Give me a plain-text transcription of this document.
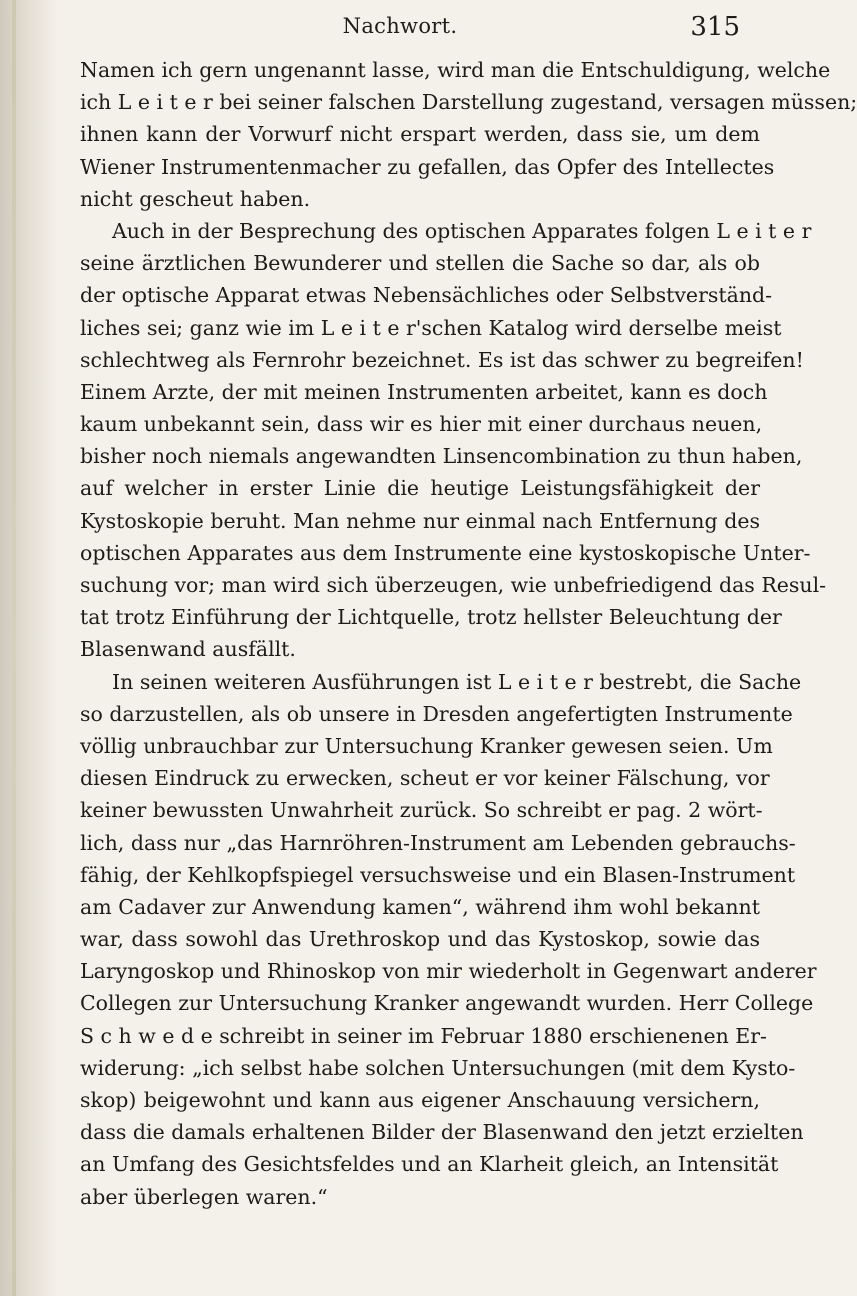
Nachwort.	315
Namen ich gern ungenannt lasse, wird man die Entschuldigung, welche
ich L e i t e r bei seiner falschen Darstellung zugestand, versagen müssen;
ihnen kann der Vorwurf nicht erspart werden, dass sie, um dem
Wiener Instrumentenmacher zu gefallen, das Opfer des Intellectes
nicht gescheut haben.
Auch in der Besprechung des optischen Apparates folgen L e i t e r
seine ärztlichen Bewunderer und stellen die Sache so dar, als ob
der optische Apparat etwas Nebensächliches oder Selbstverständ-
liches sei; ganz wie im L e i t e r'schen Katalog wird derselbe meist
schlechtweg als Fernrohr bezeichnet. Es ist das schwer zu begreifen!
Einem Arzte, der mit meinen Instrumenten arbeitet, kann es doch
kaum unbekannt sein, dass wir es hier mit einer durchaus neuen,
bisher noch niemals angewandten Linsencombination zu thun haben,
auf welcher in erster Linie die heutige Leistungsfähigkeit der
Kystoskopie beruht. Man nehme nur einmal nach Entfernung des
optischen Apparates aus dem Instrumente eine kystoskopische Unter-
suchung vor; man wird sich überzeugen, wie unbefriedigend das Resul-
tat trotz Einführung der Lichtquelle, trotz hellster Beleuchtung der
Blasenwand ausfällt.
In seinen weiteren Ausführungen ist L e i t e r bestrebt, die Sache
so darzustellen, als ob unsere in Dresden angefertigten Instrumente
völlig unbrauchbar zur Untersuchung Kranker gewesen seien. Um
diesen Eindruck zu erwecken, scheut er vor keiner Fälschung, vor
keiner bewussten Unwahrheit zurück. So schreibt er pag. 2 wört-
lich, dass nur „das Harnröhren-Instrument am Lebenden gebrauchs-
fähig, der Kehlkopfspiegel versuchsweise und ein Blasen-Instrument
am Cadaver zur Anwendung kamen“, während ihm wohl bekannt
war, dass sowohl das Urethroskop und das Kystoskop, sowie das
Laryngoskop und Rhinoskop von mir wiederholt in Gegenwart anderer
Collegen zur Untersuchung Kranker angewandt wurden. Herr College
S c h w e d e schreibt in seiner im Februar 1880 erschienenen Er-
widerung: „ich selbst habe solchen Untersuchungen (mit dem Kysto-
skop) beigewohnt und kann aus eigener Anschauung versichern,
dass die damals erhaltenen Bilder der Blasenwand den jetzt erzielten
an Umfang des Gesichtsfeldes und an Klarheit gleich, an Intensität
aber überlegen waren.“
